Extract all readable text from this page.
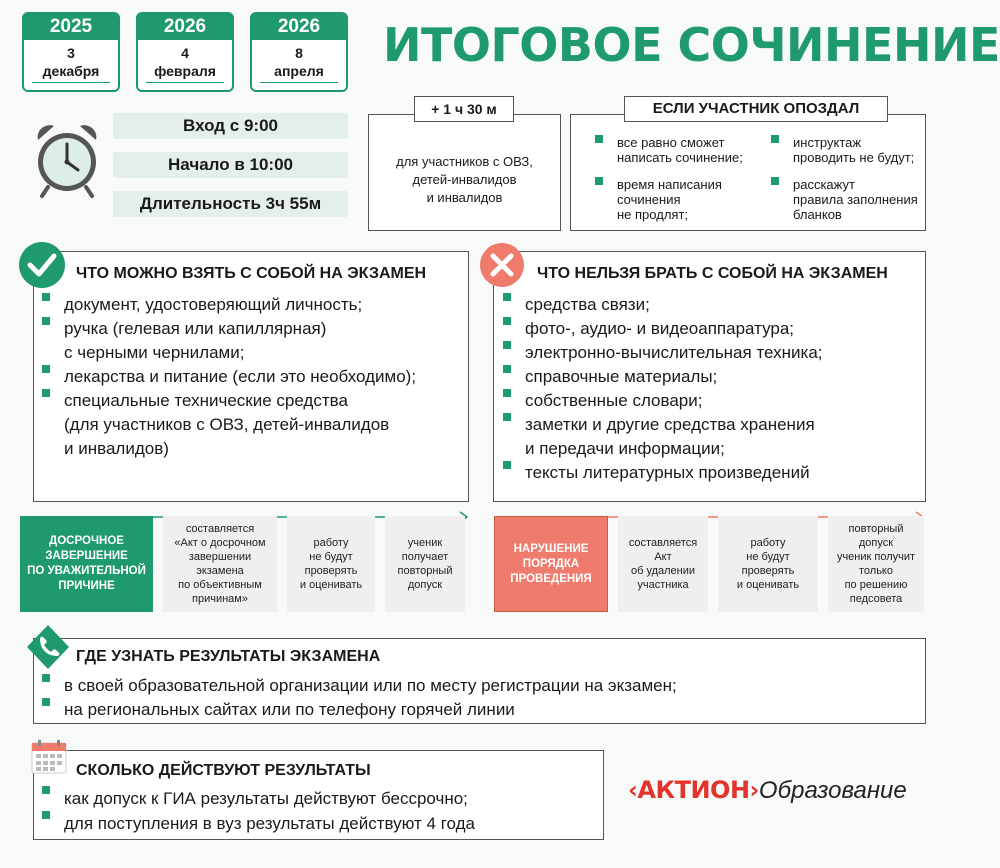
2025
3
декабря
2026
4
февраля
2026
8
апреля	ИТОГОВОЕ СОЧИНЕНИЕ
Вход с 9:00
Начало в 10:00
Длительность 3ч 55м
для участников с ОВЗ,
детей-инвалидов
и инвалидов
+ 1 ч 30 м
все равно сможет
написать сочинение;
время написания
сочинения
не продлят;
инструктаж
проводить не будут;
расскажут
правила заполнения
бланков
ЕСЛИ УЧАСТНИК ОПОЗДАЛ
ЧТО МОЖНО ВЗЯТЬ С СОБОЙ НА ЭКЗАМЕН
документ, удостоверяющий личность;
ручка (гелевая или капиллярная)
с черными чернилами;
лекарства и питание (если это необходимо);
специальные технические средства
(для участников с ОВЗ, детей-инвалидов
и инвалидов)
ЧТО НЕЛЬЗЯ БРАТЬ С СОБОЙ НА ЭКЗАМЕН
средства связи;
фото-, аудио- и видеоаппаратура;
электронно-вычислительная техника;
справочные материалы;
собственные словари;
заметки и другие средства хранения
и передачи информации;
тексты литературных произведений
ДОСРОЧНОЕ
ЗАВЕРШЕНИЕ
ПО УВАЖИТЕЛЬНОЙ
ПРИЧИНЕ
составляется
«Акт о досрочном
завершении
экзамена
по объективным
причинам»
работу
не будут
проверять
и оценивать
ученик
получает
повторный
допуск
НАРУШЕНИЕ
ПОРЯДКА
ПРОВЕДЕНИЯ
составляется
Акт
об удалении
участника
работу
не будут
проверять
и оценивать
повторный
допуск
ученик получит
только
по решению
педсовета
ГДЕ УЗНАТЬ РЕЗУЛЬТАТЫ ЭКЗАМЕНА
в своей образовательной организации или по месту регистрации на экзамен;
на региональных сайтах или по телефону горячей линии
СКОЛЬКО ДЕЙСТВУЮТ РЕЗУЛЬТАТЫ
как допуск к ГИА результаты действуют бессрочно;
для поступления в вуз результаты действуют 4 года
‹АКТИОН›Образование
